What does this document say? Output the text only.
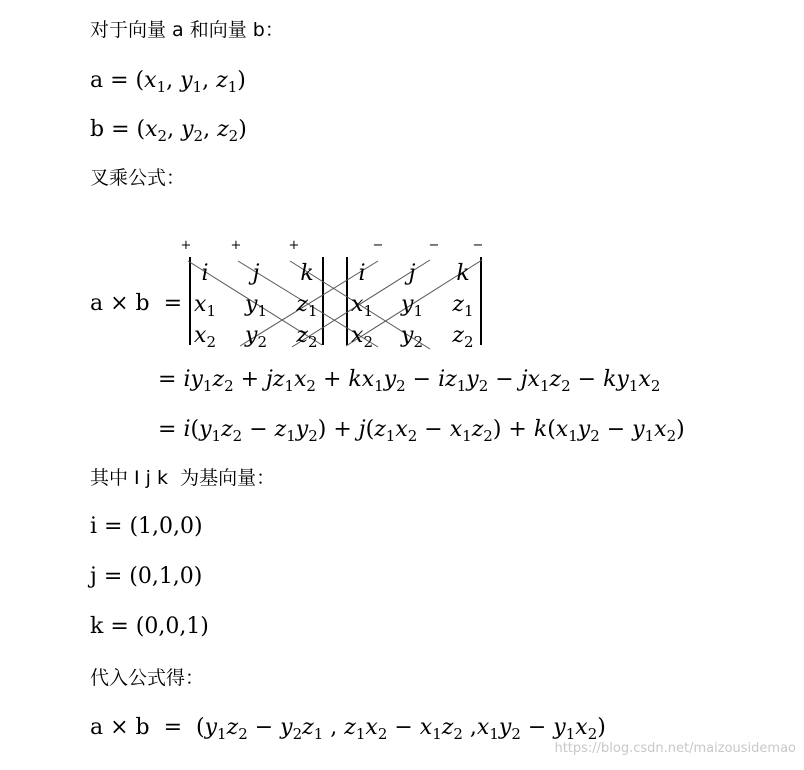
对于向量 a 和向量 b：
$a = (x_1$, $y_1$, $z_1$)
$b = (x_2$, $y_2$, $z_2$)
叉乘公式：
a × b  =
+	+	+	−	−	−
i j k i j k
$x_1$ $y_1$ $z_1$ $x_1$ $y_1$ $z_1$
$x_2$ $y_2$ $z_2$ $x_2$ $y_2$ $z_2$
= $iy_1z_2 + jz_1x_2 + kx_1y_2 - iz_1y_2 - jx_1z_2 - ky_1x_2$
= $i(y_1z_2 - z_1y_2) + j(z_1x_2 - x_1z_2) + k(x_1y_2 - y_1x_2)$
其中 I j k  为基向量：
i = (1,0,0)
j = (0,1,0)
k = (0,0,1)
代入公式得：
$a \times b = (y_1z_2 - y_2z_1$ , $z_1x_2 - x_1z_2$ $,x_1y_2 - y_1x_2$)
https://blog.csdn.net/maizousidemao
